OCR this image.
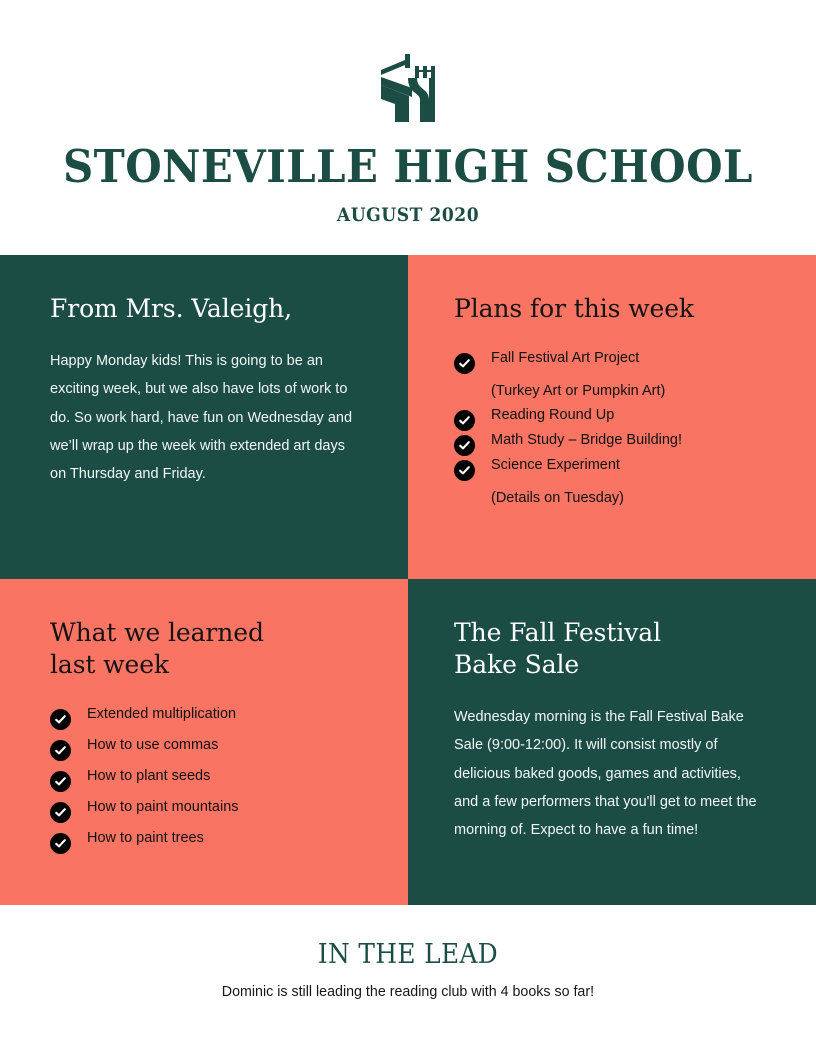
STONEVILLE HIGH SCHOOL
AUGUST 2020
From Mrs. Valeigh,

Happy Monday kids! This is going to be an exciting week, but we also have lots of work to do. So work hard, have fun on Wednesday and we’ll wrap up the week with extended art days on Thursday and Friday.

Plans for this week
Fall Festival Art Project
(Turkey Art or Pumpkin Art)
Reading Round Up
Math Study – Bridge Building!
Science Experiment
(Details on Tuesday)
What we learned
last week
Extended multiplication
How to use commas
How to plant seeds
How to paint mountains
How to paint trees
The Fall Festival
Bake Sale

Wednesday morning is the Fall Festival Bake Sale (9:00-12:00). It will consist mostly of delicious baked goods, games and activities, and a few performers that you'll get to meet the morning of. Expect to have a fun time!

IN THE LEAD
Dominic is still leading the reading club with 4 books so far!
